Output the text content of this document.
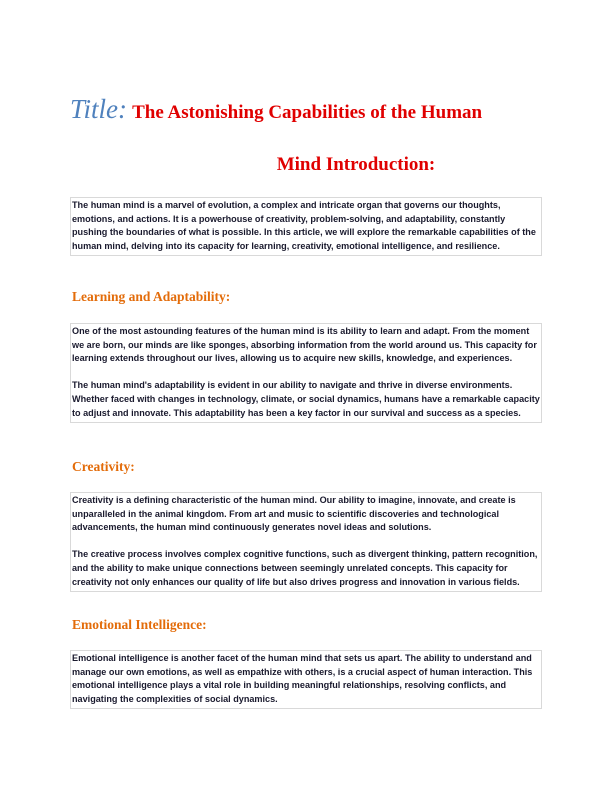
Title: The Astonishing Capabilities of the Human
Mind Introduction:

The human mind is a marvel of evolution, a complex and intricate organ that governs our thoughts, emotions, and actions. It is a powerhouse of creativity, problem-solving, and adaptability, constantly pushing the boundaries of what is possible. In this article, we will explore the remarkable capabilities of the human mind, delving into its capacity for learning, creativity, emotional intelligence, and resilience.

Learning and Adaptability:

One of the most astounding features of the human mind is its ability to learn and adapt. From the moment we are born, our minds are like sponges, absorbing information from the world around us. This capacity for learning extends throughout our lives, allowing us to acquire new skills, knowledge, and experiences.

The human mind's adaptability is evident in our ability to navigate and thrive in diverse environments. Whether faced with changes in technology, climate, or social dynamics, humans have a remarkable capacity to adjust and innovate. This adaptability has been a key factor in our survival and success as a species.

Creativity:

Creativity is a defining characteristic of the human mind. Our ability to imagine, innovate, and create is unparalleled in the animal kingdom. From art and music to scientific discoveries and technological advancements, the human mind continuously generates novel ideas and solutions.

The creative process involves complex cognitive functions, such as divergent thinking, pattern recognition, and the ability to make unique connections between seemingly unrelated concepts. This capacity for creativity not only enhances our quality of life but also drives progress and innovation in various fields.

Emotional Intelligence:

Emotional intelligence is another facet of the human mind that sets us apart. The ability to understand and manage our own emotions, as well as empathize with others, is a crucial aspect of human interaction. This emotional intelligence plays a vital role in building meaningful relationships, resolving conflicts, and navigating the complexities of social dynamics.
